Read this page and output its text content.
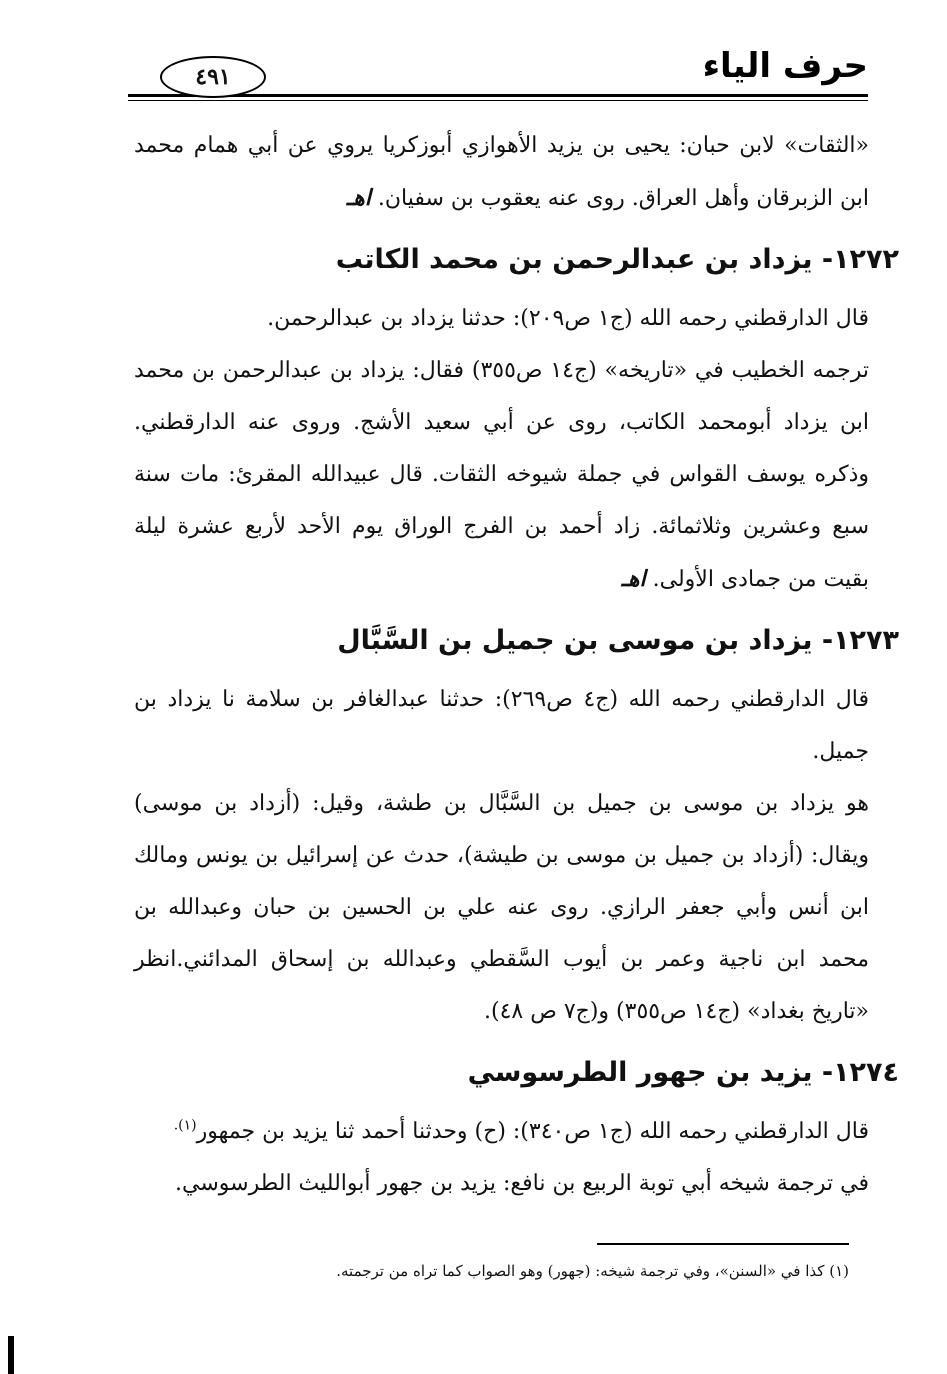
حرف الياء
٤٩١

«الثقات» لابن حبان: يحيى بن يزيد الأهوازي أبوزكريا يروي عن أبي همام محمد ابن الزبرقان وأهل العراق. روى عنه يعقوب بن سفيان. اهـ

١٢٧٢- يزداد بن عبدالرحمن بن محمد الكاتب

قال الدارقطني رحمه الله (ج١ ص٢٠٩): حدثنا يزداد بن عبدالرحمن.

ترجمه الخطيب في «تاريخه» (ج١٤ ص٣٥٥) فقال: يزداد بن عبدالرحمن بن محمد ابن يزداد أبومحمد الكاتب، روى عن أبي سعيد الأشج. وروى عنه الدارقطني. وذكره يوسف القواس في جملة شيوخه الثقات. قال عبيدالله المقرئ: مات سنة سبع وعشرين وثلاثمائة. زاد أحمد بن الفرج الوراق يوم الأحد لأربع عشرة ليلة بقيت من جمادى الأولى. اهـ

١٢٧٣- يزداد بن موسى بن جميل بن السَّبَّال

قال الدارقطني رحمه الله (ج٤ ص٢٦٩): حدثنا عبدالغافر بن سلامة نا يزداد بن جميل.

هو يزداد بن موسى بن جميل بن السَّبَّال بن طشة، وقيل: (أزداد بن موسى) ويقال: (أزداد بن جميل بن موسى بن طيشة)، حدث عن إسرائيل بن يونس ومالك ابن أنس وأبي جعفر الرازي. روى عنه علي بن الحسين بن حبان وعبدالله بن محمد ابن ناجية وعمر بن أيوب السَّقطي وعبدالله بن إسحاق المدائني.انظر «تاريخ بغداد» (ج١٤ ص٣٥٥) و(ج٧ ص ٤٨).

١٢٧٤- يزيد بن جهور الطرسوسي

قال الدارقطني رحمه الله (ج١ ص٣٤٠): (ح) وحدثنا أحمد ثنا يزيد بن جمهور$^{(١).}$

في ترجمة شيخه أبي توبة الربيع بن نافع: يزيد بن جهور أبوالليث الطرسوسي.

(١) كذا في «السنن»، وفي ترجمة شيخه: (جهور) وهو الصواب كما تراه من ترجمته.
